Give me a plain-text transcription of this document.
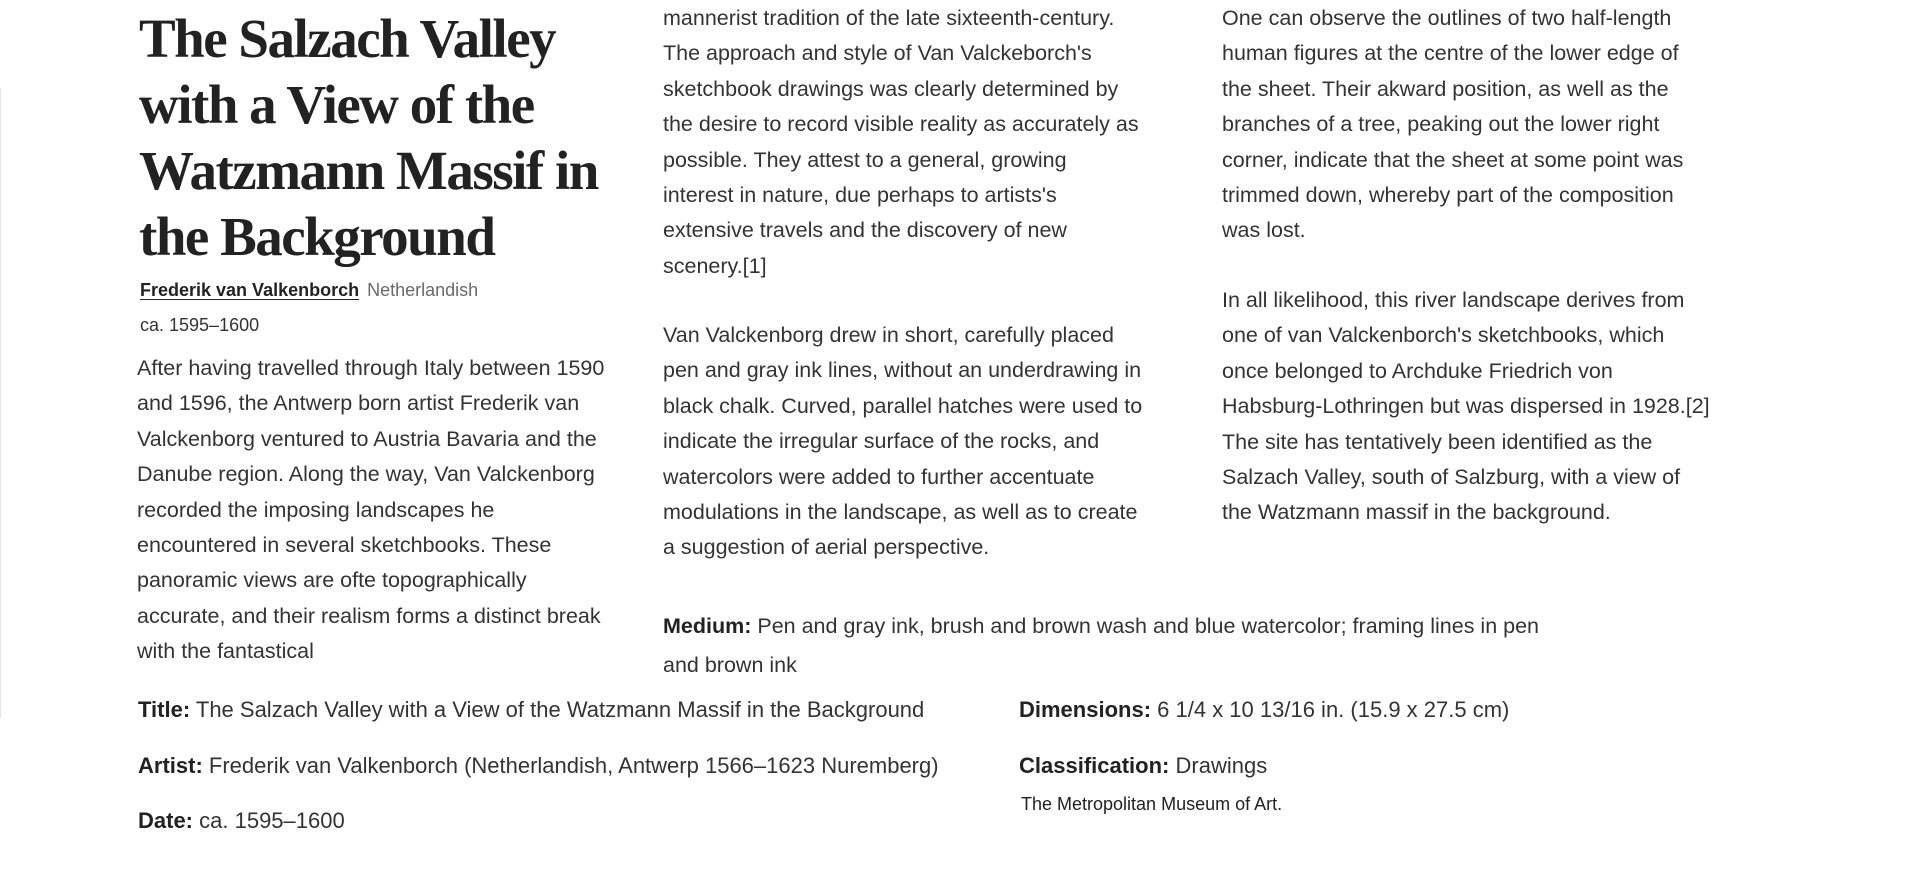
The Salzach Valley with a View of the Watzmann Massif in the Background
Frederik van Valkenborch Netherlandish
ca. 1595–1600

After having travelled through Italy between 1590 and 1596, the Antwerp born artist Frederik van Valckenborg ventured to Austria Bavaria and the Danube region. Along the way, Van Valckenborg recorded the imposing landscapes he encountered in several sketchbooks. These panoramic views are ofte topographically accurate, and their realism forms a distinct break with the fantastical

mannerist tradition of the late sixteenth-century. The approach and style of Van Valckeborch's sketchbook drawings was clearly determined by the desire to record visible reality as accurately as possible. They attest to a general, growing interest in nature, due perhaps to artists's extensive travels and the discovery of new scenery.[1]

Van Valckenborg drew in short, carefully placed pen and gray ink lines, without an underdrawing in black chalk. Curved, parallel hatches were used to indicate the irregular surface of the rocks, and watercolors were added to further accentuate modulations in the landscape, as well as to create a suggestion of aerial perspective.

One can observe the outlines of two half-length human figures at the centre of the lower edge of the sheet. Their akward position, as well as the branches of a tree, peaking out the lower right corner, indicate that the sheet at some point was trimmed down, whereby part of the composition was lost.

In all likelihood, this river landscape derives from one of van Valckenborch's sketchbooks, which once belonged to Archduke Friedrich von Habsburg-Lothringen but was dispersed in 1928.[2] The site has tentatively been identified as the Salzach Valley, south of Salzburg, with a view of the Watzmann massif in the background.

Medium: Pen and gray ink, brush and brown wash and blue watercolor; framing lines in pen and brown ink
Title: The Salzach Valley with a View of the Watzmann Massif in the Background
Artist: Frederik van Valkenborch (Netherlandish, Antwerp 1566–1623 Nuremberg)
Date: ca. 1595–1600
Dimensions: 6 1/4 x 10 13/16 in. (15.9 x 27.5 cm)
Classification: Drawings
The Metropolitan Museum of Art.
